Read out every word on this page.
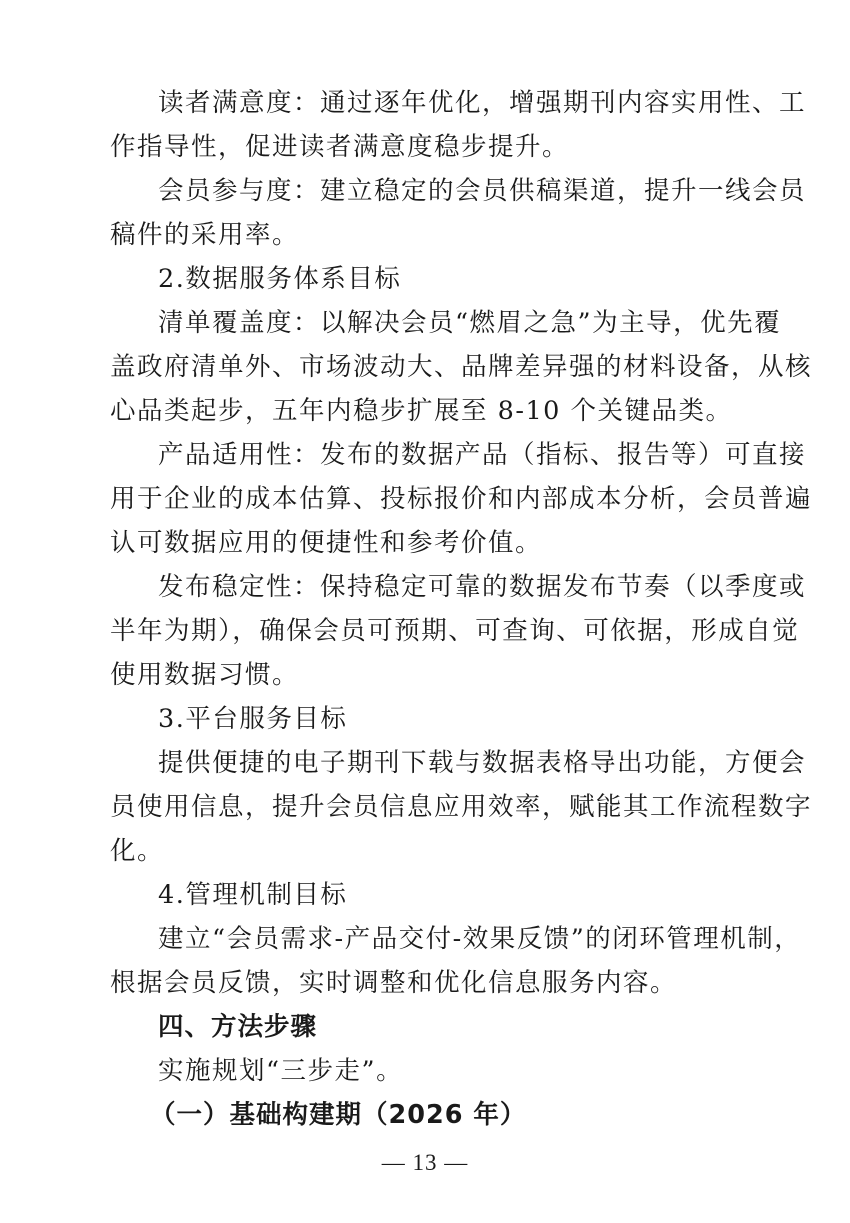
读者满意度：通过逐年优化，增强期刊内容实用性、工
作指导性，促进读者满意度稳步提升。
会员参与度：建立稳定的会员供稿渠道，提升一线会员
稿件的采用率。
2.数据服务体系目标
清单覆盖度：以解决会员“燃眉之急”为主导，优先覆
盖政府清单外、市场波动大、品牌差异强的材料设备，从核
心品类起步，五年内稳步扩展至 8-10 个关键品类。
产品适用性：发布的数据产品（指标、报告等）可直接
用于企业的成本估算、投标报价和内部成本分析，会员普遍
认可数据应用的便捷性和参考价值。
发布稳定性：保持稳定可靠的数据发布节奏（以季度或
半年为期），确保会员可预期、可查询、可依据，形成自觉
使用数据习惯。
3.平台服务目标
提供便捷的电子期刊下载与数据表格导出功能，方便会
员使用信息，提升会员信息应用效率，赋能其工作流程数字
化。
4.管理机制目标
建立“会员需求-产品交付-效果反馈”的闭环管理机制，
根据会员反馈，实时调整和优化信息服务内容。
四、方法步骤
实施规划“三步走”。
（一）基础构建期（2026 年）
— 13 —
